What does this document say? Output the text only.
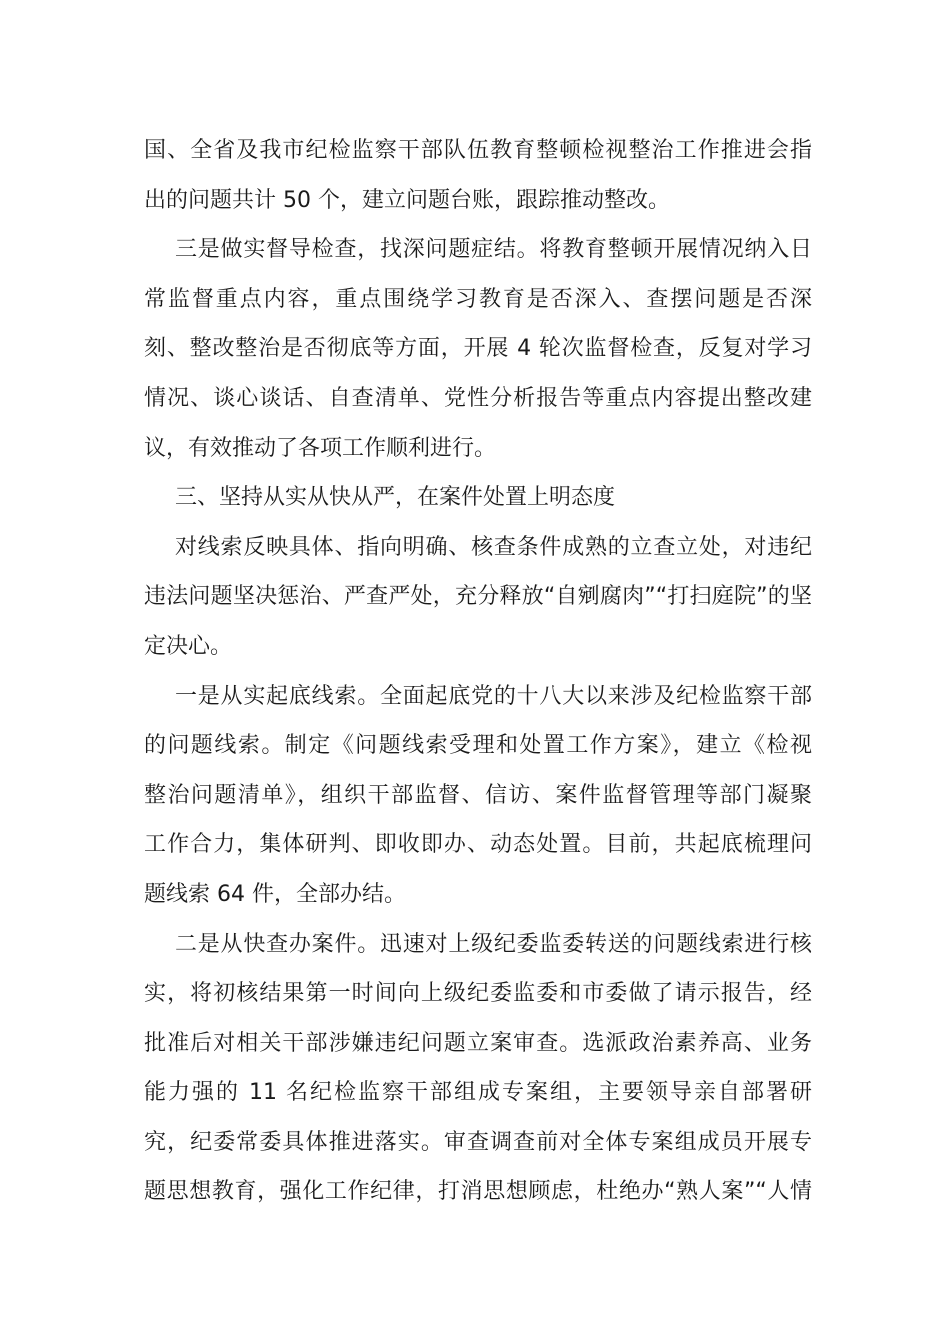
国、全省及我市纪检监察干部队伍教育整顿检视整治工作推进会指
出的问题共计 50 个，建立问题台账，跟踪推动整改。
三是做实督导检查，找深问题症结。将教育整顿开展情况纳入日
常监督重点内容，重点围绕学习教育是否深入、查摆问题是否深
刻、整改整治是否彻底等方面，开展 4 轮次监督检查，反复对学习
情况、谈心谈话、自查清单、党性分析报告等重点内容提出整改建
议，有效推动了各项工作顺利进行。
三、坚持从实从快从严，在案件处置上明态度
对线索反映具体、指向明确、核查条件成熟的立查立处，对违纪
违法问题坚决惩治、严查严处，充分释放“自剜腐肉”“打扫庭院”的坚
定决心。
一是从实起底线索。全面起底党的十八大以来涉及纪检监察干部
的问题线索。制定《问题线索受理和处置工作方案》，建立《检视
整治问题清单》，组织干部监督、信访、案件监督管理等部门凝聚
工作合力，集体研判、即收即办、动态处置。目前，共起底梳理问
题线索 64 件，全部办结。
二是从快查办案件。迅速对上级纪委监委转送的问题线索进行核
实，将初核结果第一时间向上级纪委监委和市委做了请示报告，经
批准后对相关干部涉嫌违纪问题立案审查。选派政治素养高、业务
能力强的 11 名纪检监察干部组成专案组，主要领导亲自部署研
究，纪委常委具体推进落实。审查调查前对全体专案组成员开展专
题思想教育，强化工作纪律，打消思想顾虑，杜绝办“熟人案”“人情
